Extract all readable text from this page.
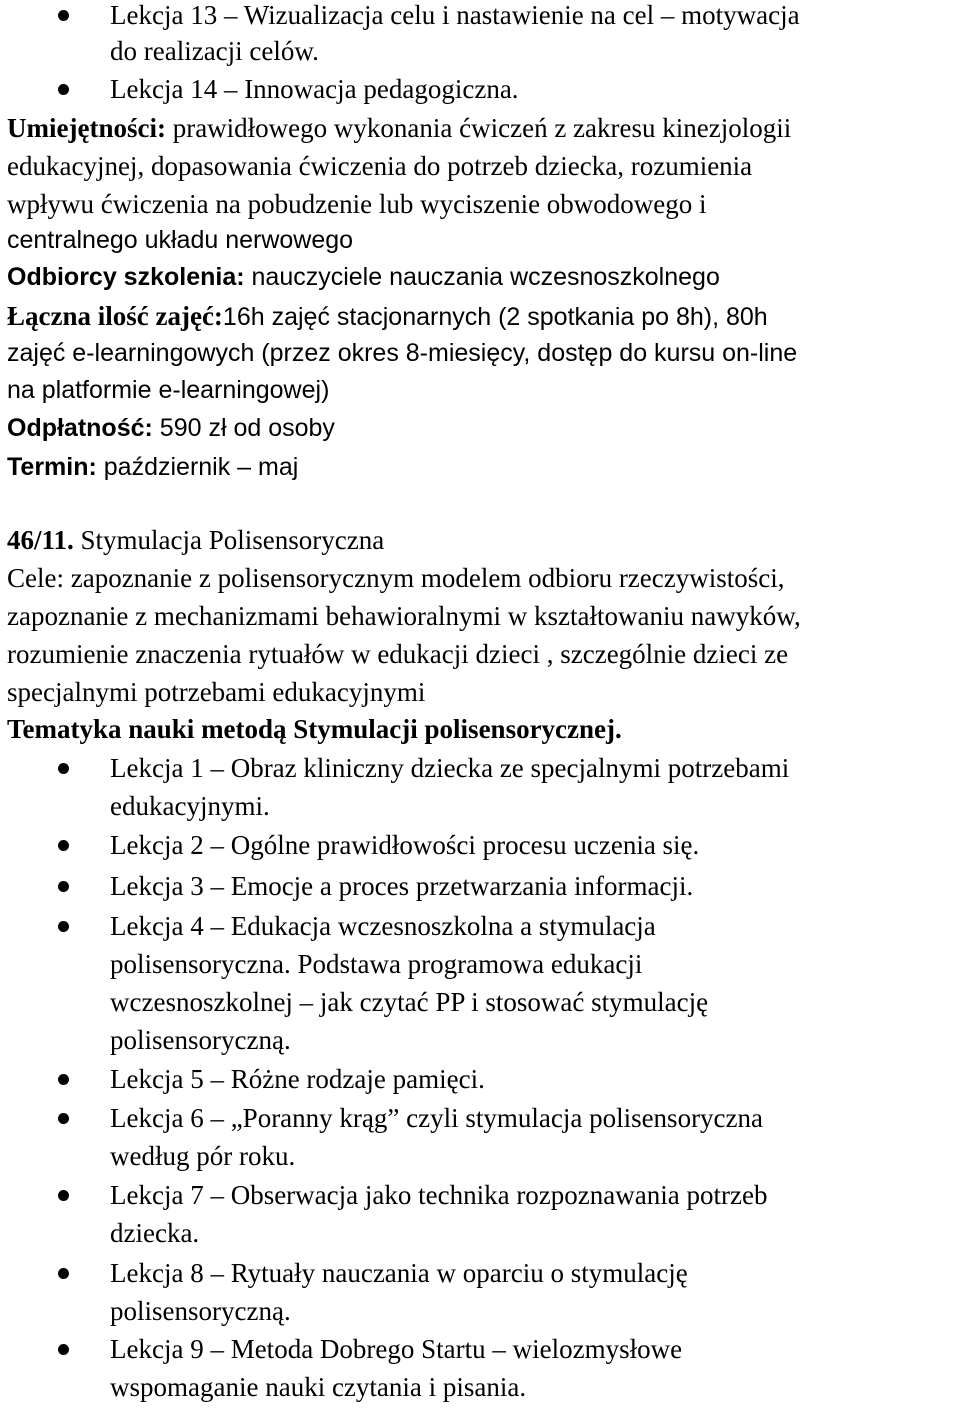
Lekcja 13 – Wizualizacja celu i nastawienie na cel – motywacja
do realizacji celów.
Lekcja 14 – Innowacja pedagogiczna.
Umiejętności: prawidłowego wykonania ćwiczeń z zakresu kinezjologii
edukacyjnej, dopasowania ćwiczenia do potrzeb dziecka, rozumienia
wpływu ćwiczenia na pobudzenie lub wyciszenie obwodowego i
centralnego układu nerwowego
Odbiorcy szkolenia: nauczyciele nauczania wczesnoszkolnego
Łączna ilość zajęć:16h zajęć stacjonarnych (2 spotkania po 8h), 80h
zajęć e-learningowych (przez okres 8-miesięcy, dostęp do kursu on-line
na platformie e-learningowej)
Odpłatność: 590 zł od osoby
Termin: październik – maj
46/11. Stymulacja Polisensoryczna
Cele: zapoznanie z polisensorycznym modelem odbioru rzeczywistości,
zapoznanie z mechanizmami behawioralnymi w kształtowaniu nawyków,
rozumienie znaczenia rytuałów w edukacji dzieci , szczególnie dzieci ze
specjalnymi potrzebami edukacyjnymi
Tematyka nauki metodą Stymulacji polisensorycznej.
Lekcja 1 – Obraz kliniczny dziecka ze specjalnymi potrzebami
edukacyjnymi.
Lekcja 2 – Ogólne prawidłowości procesu uczenia się.
Lekcja 3 – Emocje a proces przetwarzania informacji.
Lekcja 4 – Edukacja wczesnoszkolna a stymulacja
polisensoryczna. Podstawa programowa edukacji
wczesnoszkolnej – jak czytać PP i stosować stymulację
polisensoryczną.
Lekcja 5 – Różne rodzaje pamięci.
Lekcja 6 – „Poranny krąg” czyli stymulacja polisensoryczna
według pór roku.
Lekcja 7 – Obserwacja jako technika rozpoznawania potrzeb
dziecka.
Lekcja 8 – Rytuały nauczania w oparciu o stymulację
polisensoryczną.
Lekcja 9 – Metoda Dobrego Startu – wielozmysłowe
wspomaganie nauki czytania i pisania.
